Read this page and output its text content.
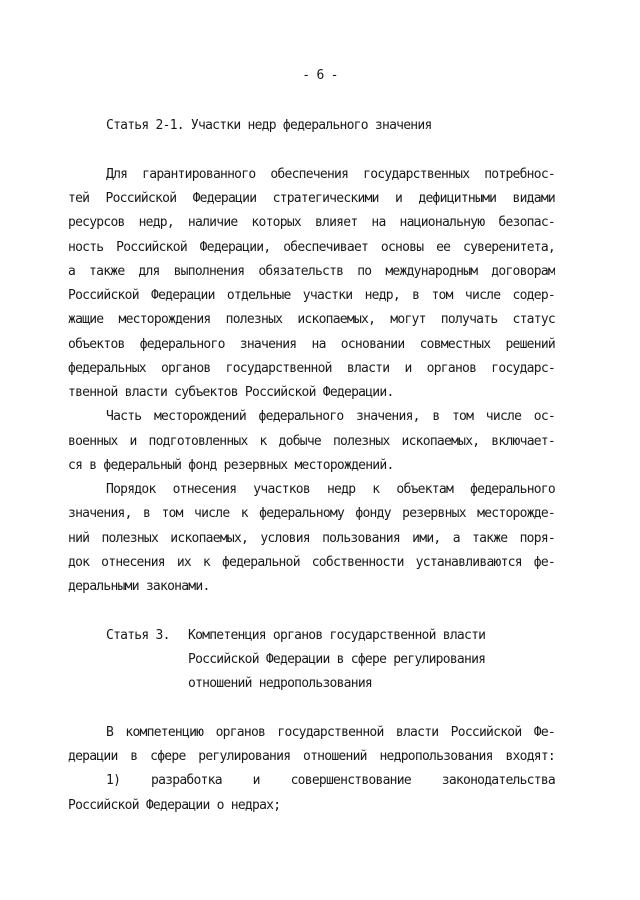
- 6 -
Статья 2-1. Участки недр федерального значения
Для гарантированного обеспечения государственных потребнос-
тей Российской Федерации стратегическими и дефицитными видами
ресурсов недр, наличие которых влияет на национальную безопас-
ность Российской Федерации, обеспечивает основы ее суверенитета,
а также для выполнения обязательств по международным договорам
Российской Федерации отдельные участки недр, в том числе содер-
жащие месторождения полезных ископаемых, могут получать статус
объектов федерального значения на основании совместных решений
федеральных органов государственной власти и органов государс-
твенной власти субъектов Российской Федерации.
Часть месторождений федерального значения, в том числе ос-
военных и подготовленных к добыче полезных ископаемых, включает-
ся в федеральный фонд резервных месторождений.
Порядок отнесения участков недр к объектам федерального
значения, в том числе к федеральному фонду резервных месторожде-
ний полезных ископаемых, условия пользования ими, а также поря-
док отнесения их к федеральной собственности устанавливаются фе-
деральными законами.
Статья 3.	Компетенция органов государственной власти
Российской Федерации в сфере регулирования
отношений недропользования
В компетенцию органов государственной власти Российской Фе-
дерации в сфере регулирования отношений недропользования входят:
1) разработка и совершенствование законодательства
Российской Федерации о недрах;
